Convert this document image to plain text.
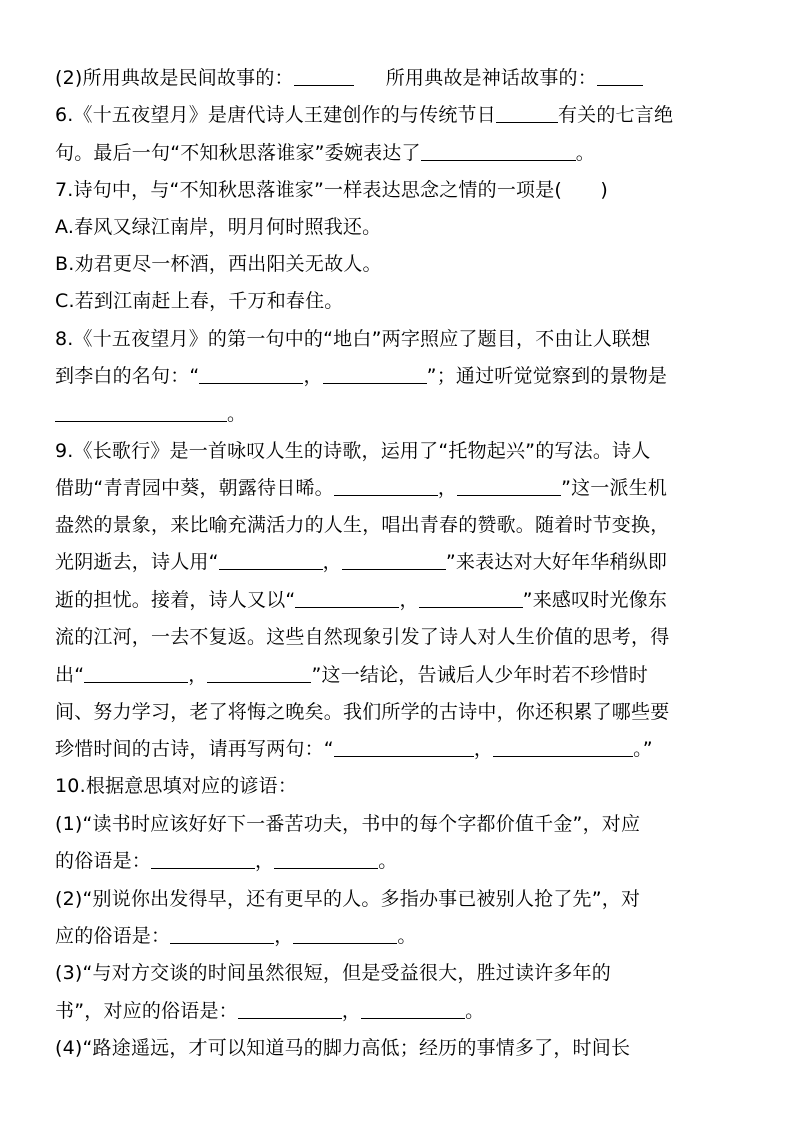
(2)所用典故是民间故事的：	所用典故是神话故事的：
6.《十五夜望月》是唐代诗人王建创作的与传统节日	有关的七言绝
句。最后一句“不知秋思落谁家”委婉表达了	。
7.诗句中，与“不知秋思落谁家”一样表达思念之情的一项是(　　)
A.春风又绿江南岸，明月何时照我还。
B.劝君更尽一杯酒，西出阳关无故人。
C.若到江南赶上春，千万和春住。
8.《十五夜望月》的第一句中的“地白”两字照应了题目，不由让人联想
到李白的名句：“	，	”；通过听觉觉察到的景物是
。
9.《长歌行》是一首咏叹人生的诗歌，运用了“托物起兴”的写法。诗人
借助“青青园中葵，朝露待日晞。	，	”这一派生机
盎然的景象，来比喻充满活力的人生，唱出青春的赞歌。随着时节变换，
光阴逝去，诗人用“	，	”来表达对大好年华稍纵即
逝的担忧。接着，诗人又以“	，	”来感叹时光像东
流的江河，一去不复返。这些自然现象引发了诗人对人生价值的思考，得
出“	，	”这一结论，告诫后人少年时若不珍惜时
间、努力学习，老了将悔之晚矣。我们所学的古诗中，你还积累了哪些要
珍惜时间的古诗，请再写两句：“	，	。”
10.根据意思填对应的谚语：
(1)“读书时应该好好下一番苦功夫，书中的每个字都价值千金”，对应
的俗语是：	，	。
(2)“别说你出发得早，还有更早的人。多指办事已被别人抢了先”，对
应的俗语是：	，	。
(3)“与对方交谈的时间虽然很短，但是受益很大，胜过读许多年的
书”，对应的俗语是：	，	。
(4)“路途遥远，才可以知道马的脚力高低；经历的事情多了，时间长
